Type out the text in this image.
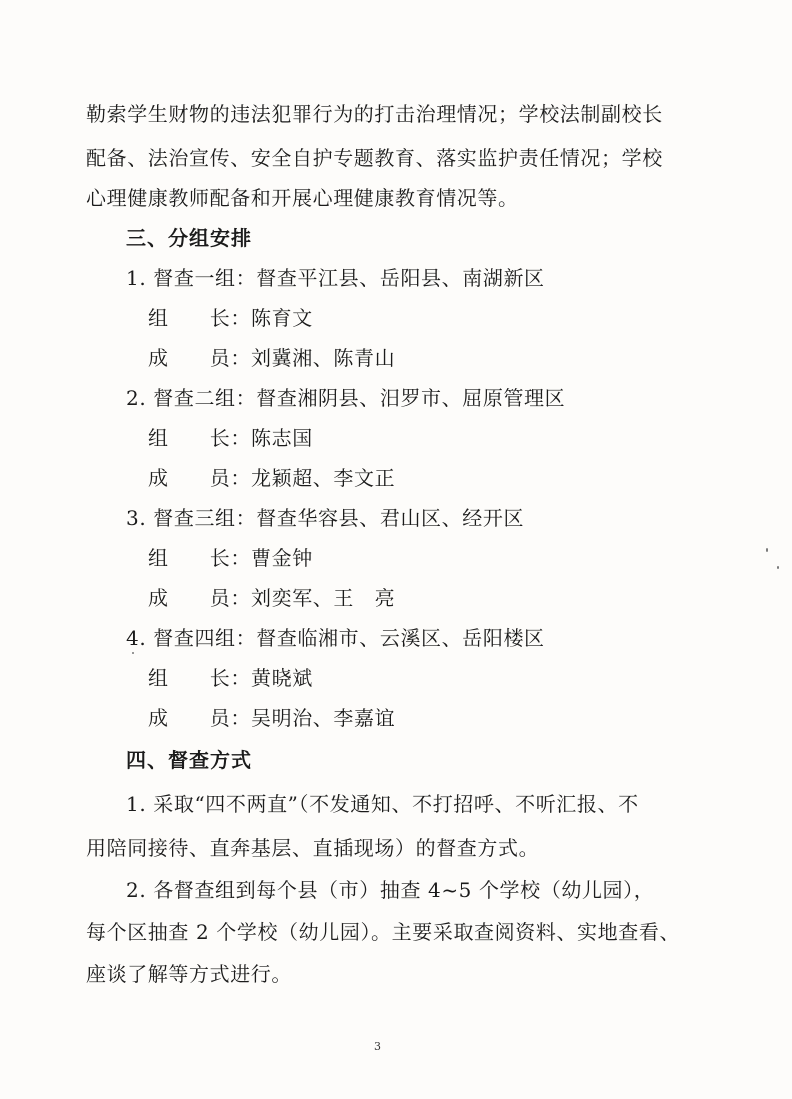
勒索学生财物的违法犯罪行为的打击治理情况；学校法制副校长
配备、法治宣传、安全自护专题教育、落实监护责任情况；学校
心理健康教师配备和开展心理健康教育情况等。
三、分组安排
1. 督查一组：督查平江县、岳阳县、南湖新区
组　　长：陈育文
成　　员：刘冀湘、陈青山
2. 督查二组：督查湘阴县、汨罗市、屈原管理区
组　　长：陈志国
成　　员：龙颖超、李文正
3. 督查三组：督查华容县、君山区、经开区
组　　长：曹金钟
成　　员：刘奕军、王　亮
4. 督查四组：督查临湘市、云溪区、岳阳楼区
组　　长：黄晓斌
成　　员：吴明治、李嘉谊
四、督查方式
1. 采取“四不两直”（不发通知、不打招呼、不听汇报、不
用陪同接待、直奔基层、直插现场）的督查方式。
2. 各督查组到每个县（市）抽查 4~5 个学校（幼儿园），
每个区抽查 2 个学校（幼儿园）。主要采取查阅资料、实地查看、
座谈了解等方式进行。
3
